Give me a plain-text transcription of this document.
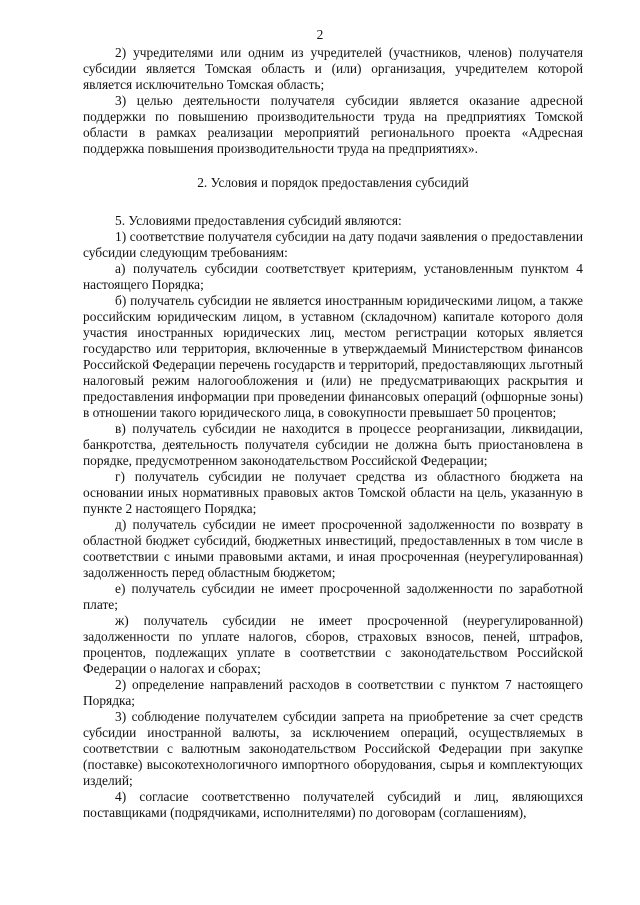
2

2) учредителями или одним из учредителей (участников, членов) получателя субсидии является Томская область и (или) организация, учредителем которой является исключительно Томская область;

3) целью деятельности получателя субсидии является оказание адресной поддержки по повышению производительности труда на предприятиях Томской области в рамках реализации мероприятий регионального проекта «Адресная поддержка повышения производительности труда на предприятиях».

2. Условия и порядок предоставления субсидий

5. Условиями предоставления субсидий являются:

1) соответствие получателя субсидии на дату подачи заявления о предоставлении субсидии следующим требованиям:

а) получатель субсидии соответствует критериям, установленным пунктом 4 настоящего Порядка;

б) получатель субсидии не является иностранным юридическими лицом, а также российским юридическим лицом, в уставном (складочном) капитале которого доля участия иностранных юридических лиц, местом регистрации которых является государство или территория, включенные в утверждаемый Министерством финансов Российской Федерации перечень государств и территорий, предоставляющих льготный налоговый режим налогообложения и (или) не предусматривающих раскрытия и предоставления информации при проведении финансовых операций (офшорные зоны) в отношении такого юридического лица, в совокупности превышает 50 процентов;

в) получатель субсидии не находится в процессе реорганизации, ликвидации, банкротства, деятельность получателя субсидии не должна быть приостановлена в порядке, предусмотренном законодательством Российской Федерации;

г) получатель субсидии не получает средства из областного бюджета на основании иных нормативных правовых актов Томской области на цель, указанную в пункте 2 настоящего Порядка;

д) получатель субсидии не имеет просроченной задолженности по возврату в областной бюджет субсидий, бюджетных инвестиций, предоставленных в том числе в соответствии с иными правовыми актами, и иная просроченная (неурегулированная) задолженность перед областным бюджетом;

е) получатель субсидии не имеет просроченной задолженности по заработной плате;

ж) получатель субсидии не имеет просроченной (неурегулированной) задолженности по уплате налогов, сборов, страховых взносов, пеней, штрафов, процентов, подлежащих уплате в соответствии с законодательством Российской Федерации о налогах и сборах;

2) определение направлений расходов в соответствии с пунктом 7 настоящего Порядка;

3) соблюдение получателем субсидии запрета на приобретение за счет средств субсидии иностранной валюты, за исключением операций, осуществляемых в соответствии с валютным законодательством Российской Федерации при закупке (поставке) высокотехнологичного импортного оборудования, сырья и комплектующих изделий;

4) согласие соответственно получателей субсидий и лиц, являющихся поставщиками (подрядчиками, исполнителями) по договорам (соглашениям),
